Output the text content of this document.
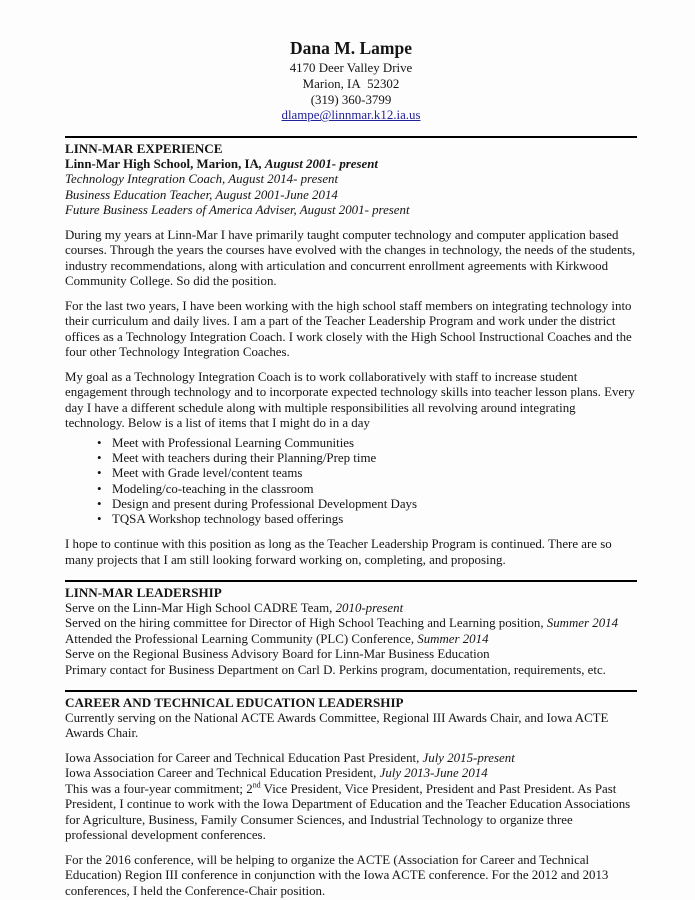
Dana M. Lampe
4170 Deer Valley Drive
Marion, IA  52302
(319) 360-3799
dlampe@linnmar.k12.ia.us
LINN-MAR EXPERIENCE
Linn-Mar High School, Marion, IA, August 2001- present
Technology Integration Coach, August 2014- present
Business Education Teacher, August 2001-June 2014
Future Business Leaders of America Adviser, August 2001- present

During my years at Linn-Mar I have primarily taught computer technology and computer application based courses. Through the years the courses have evolved with the changes in technology, the needs of the students, industry recommendations, along with articulation and concurrent enrollment agreements with Kirkwood Community College. So did the position.

For the last two years, I have been working with the high school staff members on integrating technology into their curriculum and daily lives. I am a part of the Teacher Leadership Program and work under the district offices as a Technology Integration Coach. I work closely with the High School Instructional Coaches and the four other Technology Integration Coaches.

My goal as a Technology Integration Coach is to work collaboratively with staff to increase student engagement through technology and to incorporate expected technology skills into teacher lesson plans. Every day I have a different schedule along with multiple responsibilities all revolving around integrating technology. Below is a list of items that I might do in a day

• Meet with Professional Learning Communities
• Meet with teachers during their Planning/Prep time
• Meet with Grade level/content teams
• Modeling/co-teaching in the classroom
• Design and present during Professional Development Days
• TQSA Workshop technology based offerings

I hope to continue with this position as long as the Teacher Leadership Program is continued. There are so many projects that I am still looking forward working on, completing, and proposing.

LINN-MAR LEADERSHIP
Serve on the Linn-Mar High School CADRE Team, 2010-present
Served on the hiring committee for Director of High School Teaching and Learning position, Summer 2014
Attended the Professional Learning Community (PLC) Conference, Summer 2014
Serve on the Regional Business Advisory Board for Linn-Mar Business Education
Primary contact for Business Department on Carl D. Perkins program, documentation, requirements, etc.
CAREER AND TECHNICAL EDUCATION LEADERSHIP

Currently serving on the National ACTE Awards Committee, Regional III Awards Chair, and Iowa ACTE Awards Chair.

Iowa Association for Career and Technical Education Past President, July 2015-present
Iowa Association Career and Technical Education President, July 2013-June 2014

This was a four-year commitment; 2nd Vice President, Vice President, President and Past President. As Past President, I continue to work with the Iowa Department of Education and the Teacher Education Associations for Agriculture, Business, Family Consumer Sciences, and Industrial Technology to organize three professional development conferences.

For the 2016 conference, will be helping to organize the ACTE (Association for Career and Technical Education) Region III conference in conjunction with the Iowa ACTE conference. For the 2012 and 2013 conferences, I held the Conference-Chair position.
